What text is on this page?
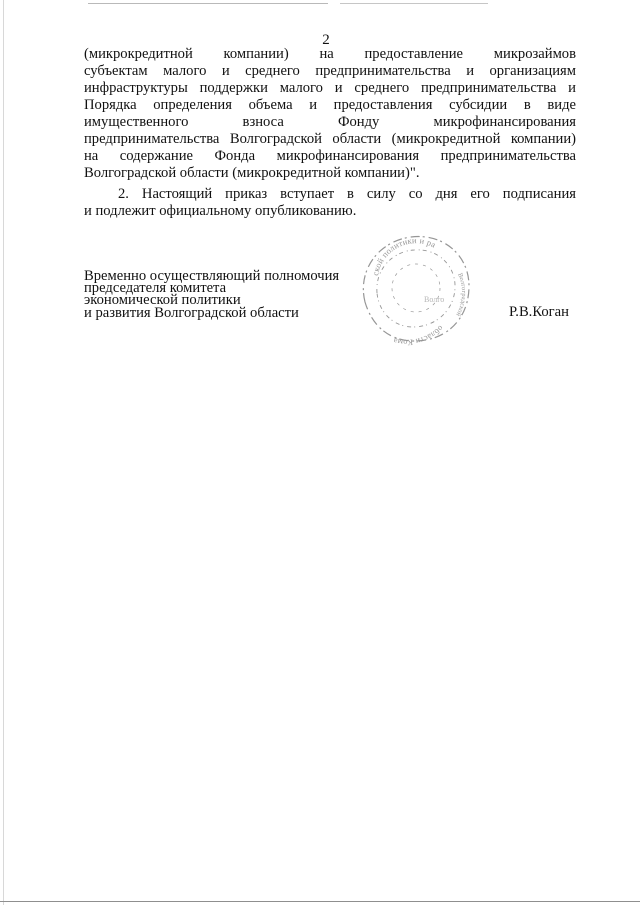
2
(микрокредитной компании) на предоставление микрозаймов
субъектам малого и среднего предпринимательства и организациям
инфраструктуры поддержки малого и среднего предпринимательства и
Порядка определения объема и предоставления субсидии в виде
имущественного взноса Фонду микрофинансирования
предпринимательства Волгоградской области (микрокредитной компании)
на содержание Фонда микрофинансирования предпринимательства
Волгоградской области (микрокредитной компании)".
2. Настоящий приказ вступает в силу со дня его подписания
и подлежит официальному опубликованию.
Временно осуществляющий полномочия
председателя комитета
экономической политики
и развития Волгоградской области	Р.В.Коган
ской политики и ра
области Кома
Волгоградской
Волго
